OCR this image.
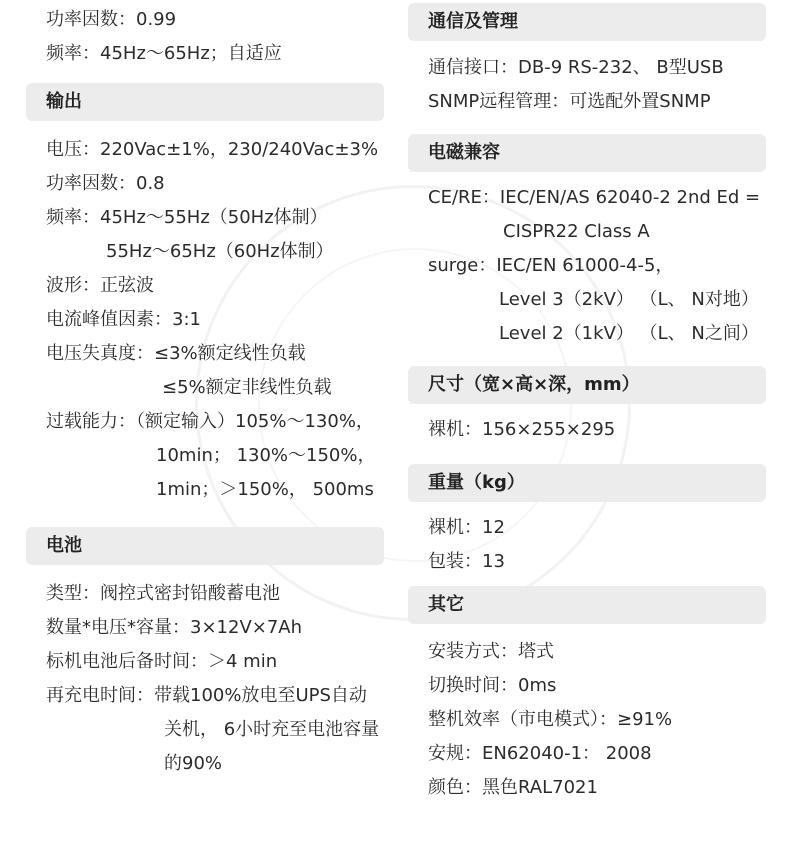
功率因数：0.99
频率：45Hz～65Hz；自适应
输出
电压：220Vac±1%，230/240Vac±3%
功率因数：0.8
频率：45Hz～55Hz（50Hz体制）
55Hz～65Hz（60Hz体制）
波形：正弦波
电流峰值因素：3:1
电压失真度：≤3%额定线性负载
≤5%额定非线性负载
过载能力：（额定输入）105%～130%，
10min； 130%～150%，
1min；＞150%， 500ms
电池
类型：阀控式密封铅酸蓄电池
数量*电压*容量：3×12V×7Ah
标机电池后备时间：＞4 min
再充电时间：带载100%放电至UPS自动
关机， 6小时充至电池容量
的90%
通信及管理
通信接口：DB-9 RS-232、 B型USB
SNMP远程管理：可选配外置SNMP
电磁兼容
CE/RE：IEC/EN/AS 62040-2 2nd Ed =
CISPR22 Class A
surge：IEC/EN 61000-4-5，
Level 3（2kV） （L、 N对地）
Level 2（1kV） （L、 N之间）
尺寸（宽×高×深，mm）
裸机：156×255×295
重量（kg）
裸机：12
包装：13
其它
安装方式：塔式
切换时间：0ms
整机效率（市电模式）：≥91%
安规：EN62040-1： 2008
颜色：黑色RAL7021
